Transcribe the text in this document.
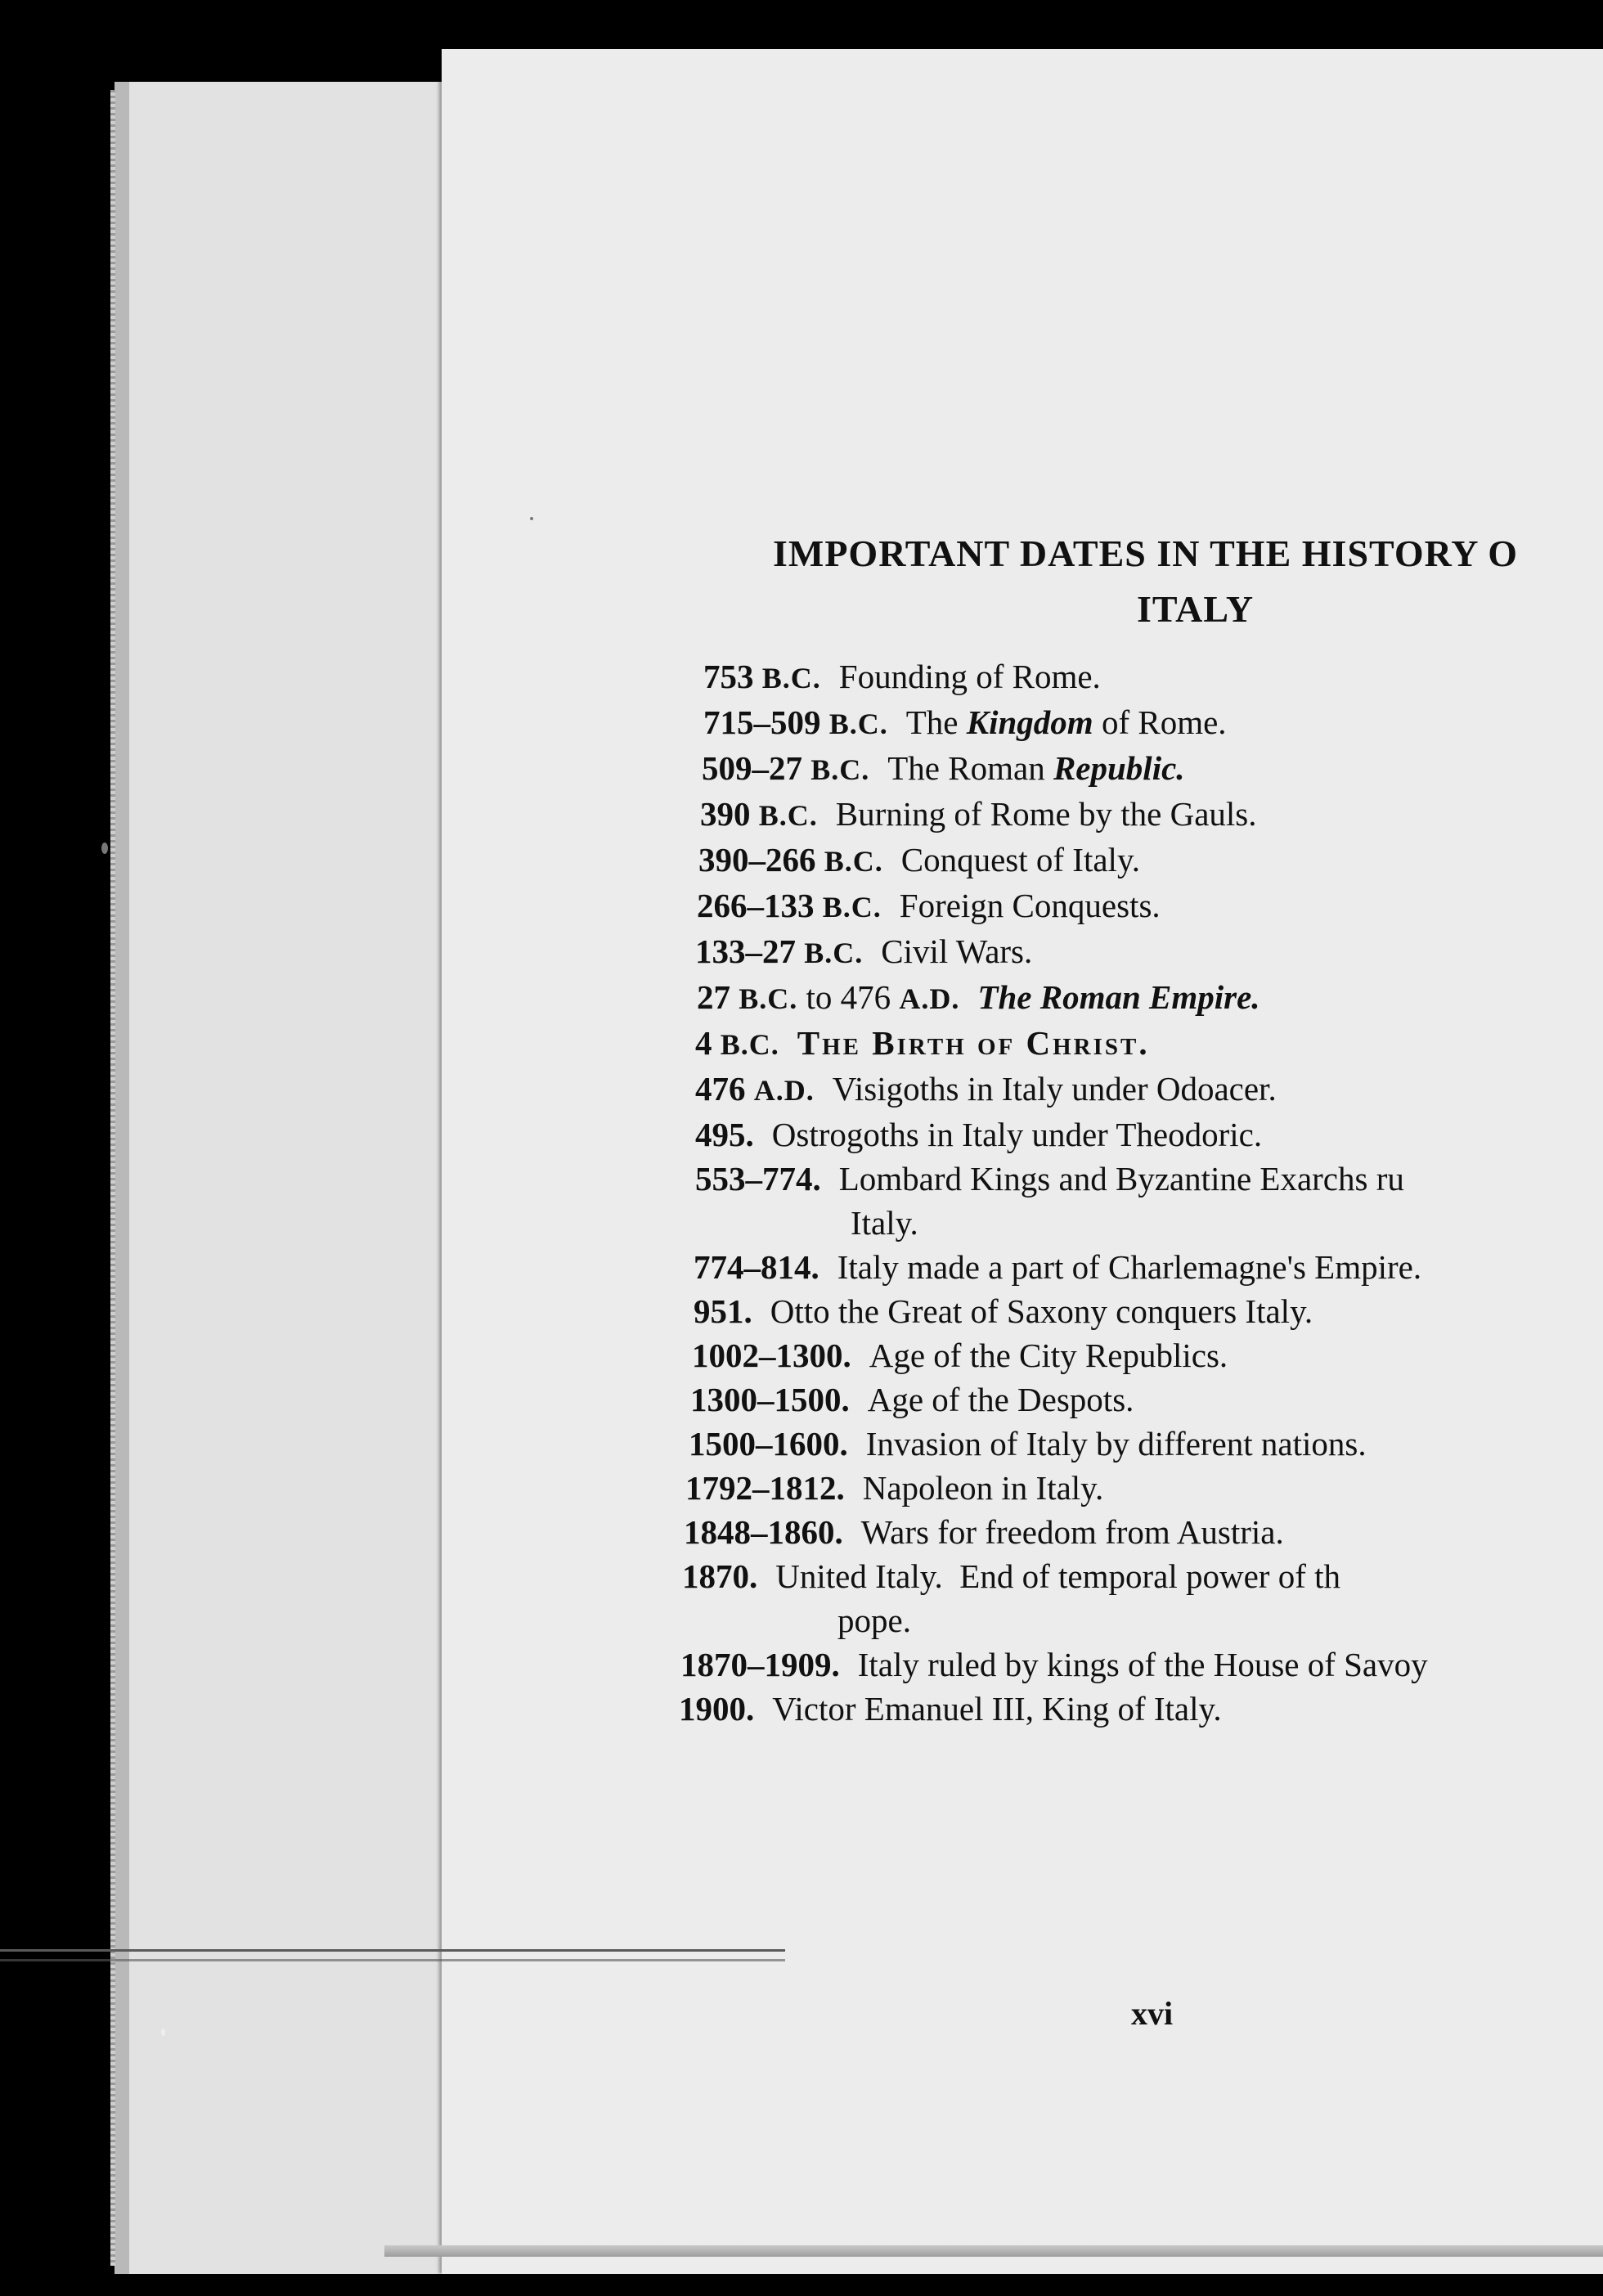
IMPORTANT DATES IN THE HISTORY O
ITALY
753 B.C. Founding of Rome.
715–509 B.C. The Kingdom of Rome.
509–27 B.C. The Roman Republic.
390 B.C. Burning of Rome by the Gauls.
390–266 B.C. Conquest of Italy.
266–133 B.C. Foreign Conquests.
133–27 B.C. Civil Wars.
27 B.C. to 476 A.D. The Roman Empire.
4 B.C. The Birth of Christ.
476 A.D. Visigoths in Italy under Odoacer.
495. Ostrogoths in Italy under Theodoric.
553–774. Lombard Kings and Byzantine Exarchs ru
Italy.
774–814. Italy made a part of Charlemagne's Empire.
951. Otto the Great of Saxony conquers Italy.
1002–1300. Age of the City Republics.
1300–1500. Age of the Despots.
1500–1600. Invasion of Italy by different nations.
1792–1812. Napoleon in Italy.
1848–1860. Wars for freedom from Austria.
1870. United Italy.  End of temporal power of th
pope.
1870–1909. Italy ruled by kings of the House of Savoy
1900. Victor Emanuel III, King of Italy.

xvi
